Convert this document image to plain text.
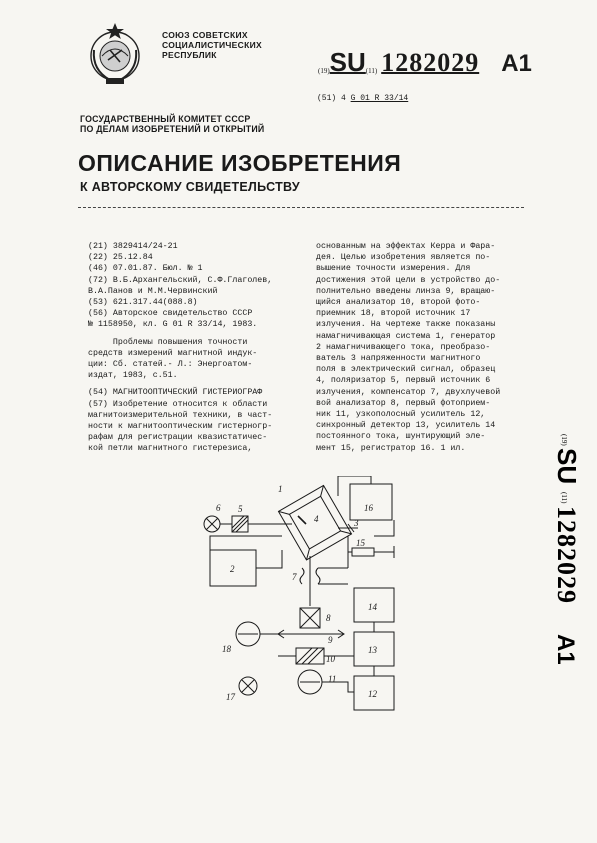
СОЮЗ СОВЕТСКИХ
СОЦИАЛИСТИЧЕСКИХ
РЕСПУБЛИК
(19)SU(11) 1282029 A1
(51) 4 G 01 R 33/14
ГОСУДАРСТВЕННЫЙ КОМИТЕТ СССР
ПО ДЕЛАМ ИЗОБРЕТЕНИЙ И ОТКРЫТИЙ
ОПИСАНИЕ ИЗОБРЕТЕНИЯ
К АВТОРСКОМУ СВИДЕТЕЛЬСТВУ
(21) 3829414/24-21
(22) 25.12.84
(46) 07.01.87. Бюл. № 1
(72) В.Б.Архангельский, С.Ф.Глаголев,
В.А.Панов и М.М.Червинский
(53) 621.317.44(088.8)
(56) Авторское свидетельство СССР
№ 1158950, кл. G 01 R 33/14, 1983.
Проблемы повышения точности
средств измерений магнитной индук-
ции: Сб. статей.- Л.: Энергоатом-
издат, 1983, с.51.
(54) МАГНИТООПТИЧЕСКИЙ ГИСТЕРИОГРАФ
(57) Изобретение относится к области
магнитоизмерительной техники, в част-
ности к магнитооптическим гистерногр-
рафам для регистрации квазистатичес-
кой петли магнитного гистерезиса,
основанным на эффектах Керра и Фара-
дея. Целью изобретения является по-
вышение точности измерения. Для
достижения этой цели в устройство до-
полнительно введены линза 9, вращаю-
щийся анализатор 10, второй фото-
приемник 18, второй источник 17
излучения. На чертеже также показаны
намагничивающая система 1, генератор
2 намагничивающего тока, преобразо-
ватель 3 напряженности магнитного
поля в электрический сигнал, образец
4, поляризатор 5, первый источник 6
излучения, компенсатор 7, двухлучевой
вой анализатор 8, первый фотоприем-
ник 11, узкополосный усилитель 12,
синхронный детектор 13, усилитель 14
постоянного тока, шунтирующий эле-
мент 15, регистратор 16. 1 ил.
(19)
SU
(11)
1282029
A1
6 5
1
4
2
3
16
15
7
14
8
9
13
10
18
11
12
17
